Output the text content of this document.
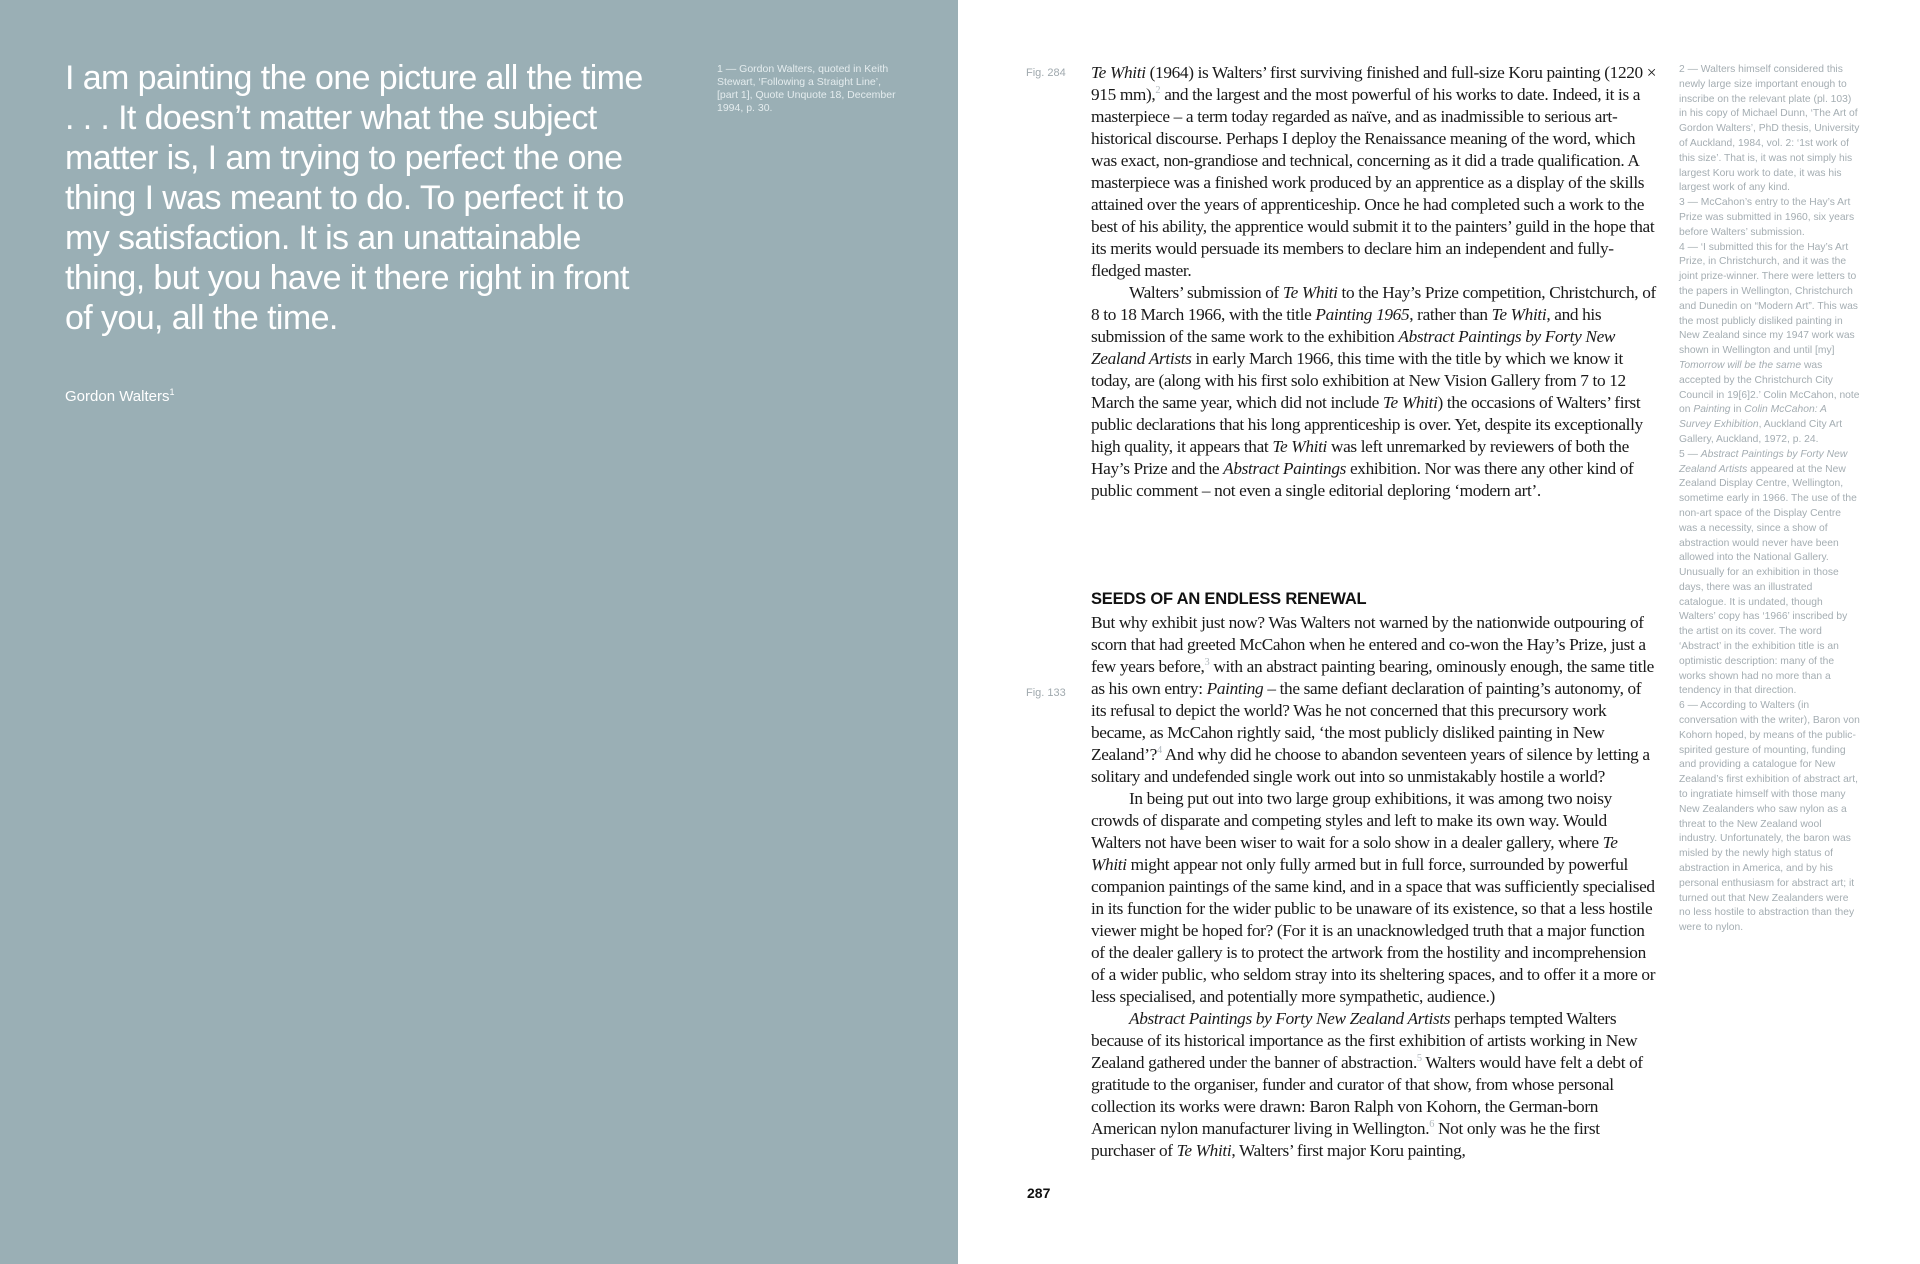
I am painting the one picture all the time . . . It doesn’t matter what the subject matter is, I am trying to perfect the one thing I was meant to do. To perfect it to my satisfaction. It is an unattainable thing, but you have it there right in front of you, all the time.

Gordon Walters$^1$

1 — Gordon Walters, quoted in Keith Stewart, ‘Following a Straight Line’, [part 1], Quote Unquote 18, December 1994, p. 30.

Fig. 284
Fig. 133

Te Whiti (1964) is Walters’ first surviving finished and full-size Koru painting (1220 × 915 mm),$^2$ and the largest and the most powerful of his works to date. Indeed, it is a masterpiece – a term today regarded as naïve, and as inadmissible to serious art-historical discourse. Perhaps I deploy the Renaissance meaning of the word, which was exact, non-grandiose and technical, concerning as it did a trade qualification. A masterpiece was a finished work produced by an apprentice as a display of the skills attained over the years of apprenticeship. Once he had completed such a work to the best of his ability, the apprentice would submit it to the painters’ guild in the hope that its merits would persuade its members to declare him an independent and fully-fledged master.

Walters’ submission of Te Whiti to the Hay’s Prize competition, Christchurch, of 8 to 18 March 1966, with the title Painting 1965, rather than Te Whiti, and his submission of the same work to the exhibition Abstract Paintings by Forty New Zealand Artists in early March 1966, this time with the title by which we know it today, are (along with his first solo exhibition at New Vision Gallery from 7 to 12 March the same year, which did not include Te Whiti) the occasions of Walters’ first public declarations that his long apprenticeship is over. Yet, despite its exceptionally high quality, it appears that Te Whiti was left unremarked by reviewers of both the Hay’s Prize and the Abstract Paintings exhibition. Nor was there any other kind of public comment – not even a single editorial deploring ‘modern art’.

SEEDS OF AN ENDLESS RENEWAL

But why exhibit just now? Was Walters not warned by the nationwide outpouring of scorn that had greeted McCahon when he entered and co-won the Hay’s Prize, just a few years before,$^3$ with an abstract painting bearing, ominously enough, the same title as his own entry: Painting – the same defiant declaration of painting’s autonomy, of its refusal to depict the world? Was he not concerned that this precursory work became, as McCahon rightly said, ‘the most publicly disliked painting in New Zealand’?$^4$ And why did he choose to abandon seventeen years of silence by letting a solitary and undefended single work out into so unmistakably hostile a world?

In being put out into two large group exhibitions, it was among two noisy crowds of disparate and competing styles and left to make its own way. Would Walters not have been wiser to wait for a solo show in a dealer gallery, where Te Whiti might appear not only fully armed but in full force, surrounded by powerful companion paintings of the same kind, and in a space that was sufficiently specialised in its function for the wider public to be unaware of its existence, so that a less hostile viewer might be hoped for? (For it is an unacknowledged truth that a major function of the dealer gallery is to protect the artwork from the hostility and incomprehension of a wider public, who seldom stray into its sheltering spaces, and to offer it a more or less specialised, and potentially more sympathetic, audience.)

Abstract Paintings by Forty New Zealand Artists perhaps tempted Walters because of its historical importance as the first exhibition of artists working in New Zealand gathered under the banner of abstraction.$^5$ Walters would have felt a debt of gratitude to the organiser, funder and curator of that show, from whose personal collection its works were drawn: Baron Ralph von Kohorn, the German-born American nylon manufacturer living in Wellington.$^6$ Not only was he the first purchaser of Te Whiti, Walters’ first major Koru painting,

287

2 — Walters himself considered this newly large size important enough to inscribe on the relevant plate (pl. 103) in his copy of Michael Dunn, ‘The Art of Gordon Walters’, PhD thesis, University of Auckland, 1984, vol. 2: ‘1st work of this size’. That is, it was not simply his largest Koru work to date, it was his largest work of any kind.

3 — McCahon’s entry to the Hay’s Art Prize was submitted in 1960, six years before Walters’ submission.

4 — ‘I submitted this for the Hay’s Art Prize, in Christchurch, and it was the joint prize-winner. There were letters to the papers in Wellington, Christchurch and Dunedin on “Modern Art”. This was the most publicly disliked painting in New Zealand since my 1947 work was shown in Wellington and until [my] Tomorrow will be the same was accepted by the Christchurch City Council in 19[6]2.’ Colin McCahon, note on Painting in Colin McCahon: A Survey Exhibition, Auckland City Art Gallery, Auckland, 1972, p. 24.

5 — Abstract Paintings by Forty New Zealand Artists appeared at the New Zealand Display Centre, Wellington, sometime early in 1966. The use of the non-art space of the Display Centre was a necessity, since a show of abstraction would never have been allowed into the National Gallery. Unusually for an exhibition in those days, there was an illustrated catalogue. It is undated, though Walters’ copy has ‘1966’ inscribed by the artist on its cover. The word ‘Abstract’ in the exhibition title is an optimistic description: many of the works shown had no more than a tendency in that direction.

6 — According to Walters (in conversation with the writer), Baron von Kohorn hoped, by means of the public-spirited gesture of mounting, funding and providing a catalogue for New Zealand’s first exhibition of abstract art, to ingratiate himself with those many New Zealanders who saw nylon as a threat to the New Zealand wool industry. Unfortunately, the baron was misled by the newly high status of abstraction in America, and by his personal enthusiasm for abstract art; it turned out that New Zealanders were no less hostile to abstraction than they were to nylon.
